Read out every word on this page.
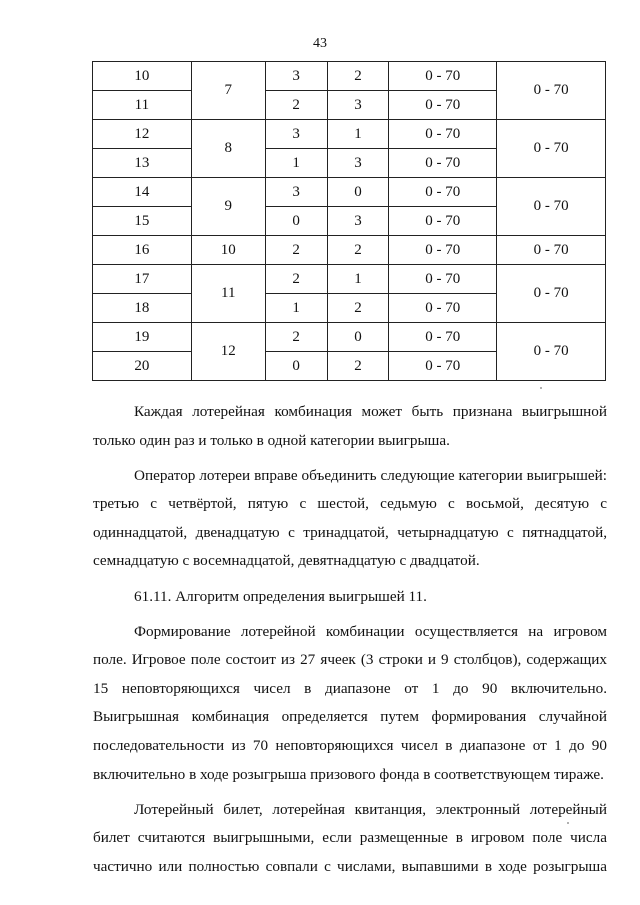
43
10	7	3	2	0 - 70	0 - 70
11		2	3	0 - 70	
12	8	3	1	0 - 70	0 - 70
13		1	3	0 - 70	
14	9	3	0	0 - 70	0 - 70
15		0	3	0 - 70	
16	10	2	2	0 - 70	0 - 70
17	11	2	1	0 - 70	0 - 70
18		1	2	0 - 70	
19	12	2	0	0 - 70	0 - 70
20		0	2	0 - 70	

Каждая лотерейная комбинация может быть признана выигрышной только один раз и только в одной категории выигрыша.

Оператор лотереи вправе объединить следующие категории выигрышей: третью с четвёртой, пятую с шестой, седьмую с восьмой, десятую с одиннадцатой, двенадцатую с тринадцатой, четырнадцатую с пятнадцатой, семнадцатую с восемнадцатой, девятнадцатую с двадцатой.

61.11. Алгоритм определения выигрышей 11.

Формирование лотерейной комбинации осуществляется на игровом поле. Игровое поле состоит из 27 ячеек (3 строки и 9 столбцов), содержащих 15 неповторяющихся чисел в диапазоне от 1 до 90 включительно. Выигрышная комбинация определяется путем формирования случайной последовательности из 70 неповторяющихся чисел в диапазоне от 1 до 90 включительно в ходе розыгрыша призового фонда в соответствующем тираже.

Лотерейный билет, лотерейная квитанция, электронный лотерейный билет считаются выигрышными, если размещенные в игровом поле числа частично или полностью совпали с числами, выпавшими в ходе розыгрыша
